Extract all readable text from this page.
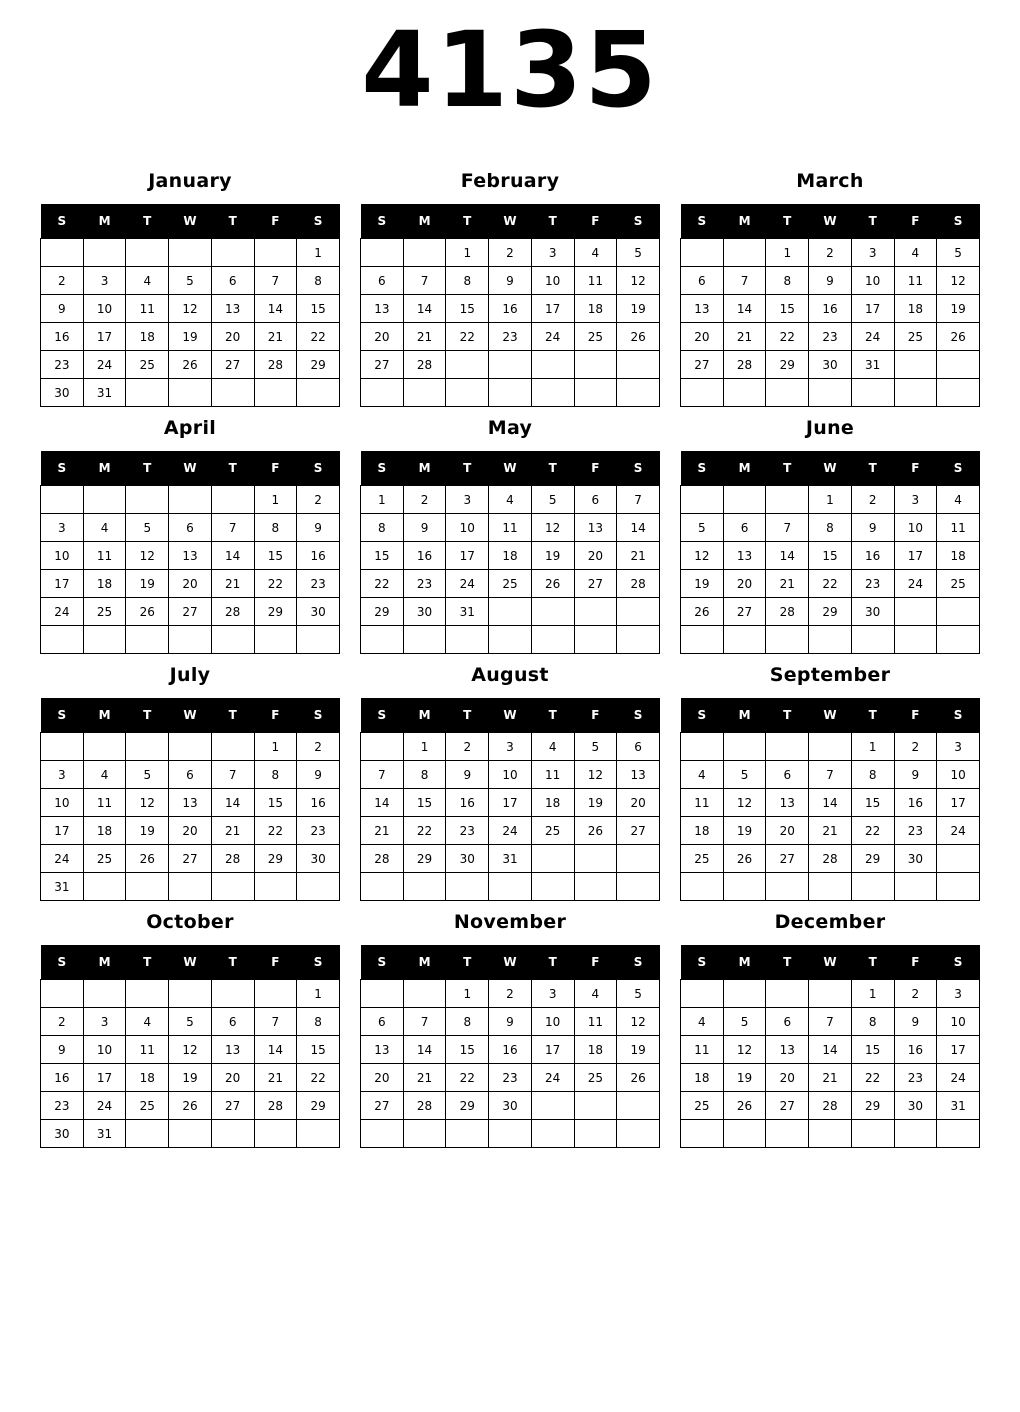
4135
January
S	M	T	W	T	F	S
						1
2	3	4	5	6	7	8
9	10	11	12	13	14	15
16	17	18	19	20	21	22
23	24	25	26	27	28	29
30	31					
February
S	M	T	W	T	F	S
		1	2	3	4	5
6	7	8	9	10	11	12
13	14	15	16	17	18	19
20	21	22	23	24	25	26
27	28					

March
S	M	T	W	T	F	S
		1	2	3	4	5
6	7	8	9	10	11	12
13	14	15	16	17	18	19
20	21	22	23	24	25	26
27	28	29	30	31		

April
S	M	T	W	T	F	S
					1	2
3	4	5	6	7	8	9
10	11	12	13	14	15	16
17	18	19	20	21	22	23
24	25	26	27	28	29	30

May
S	M	T	W	T	F	S
1	2	3	4	5	6	7
8	9	10	11	12	13	14
15	16	17	18	19	20	21
22	23	24	25	26	27	28
29	30	31				

June
S	M	T	W	T	F	S
			1	2	3	4
5	6	7	8	9	10	11
12	13	14	15	16	17	18
19	20	21	22	23	24	25
26	27	28	29	30		

July
S	M	T	W	T	F	S
					1	2
3	4	5	6	7	8	9
10	11	12	13	14	15	16
17	18	19	20	21	22	23
24	25	26	27	28	29	30
31						
August
S	M	T	W	T	F	S
	1	2	3	4	5	6
7	8	9	10	11	12	13
14	15	16	17	18	19	20
21	22	23	24	25	26	27
28	29	30	31			

September
S	M	T	W	T	F	S
				1	2	3
4	5	6	7	8	9	10
11	12	13	14	15	16	17
18	19	20	21	22	23	24
25	26	27	28	29	30	

October
S	M	T	W	T	F	S
						1
2	3	4	5	6	7	8
9	10	11	12	13	14	15
16	17	18	19	20	21	22
23	24	25	26	27	28	29
30	31					
November
S	M	T	W	T	F	S
		1	2	3	4	5
6	7	8	9	10	11	12
13	14	15	16	17	18	19
20	21	22	23	24	25	26
27	28	29	30			

December
S	M	T	W	T	F	S
				1	2	3
4	5	6	7	8	9	10
11	12	13	14	15	16	17
18	19	20	21	22	23	24
25	26	27	28	29	30	31
